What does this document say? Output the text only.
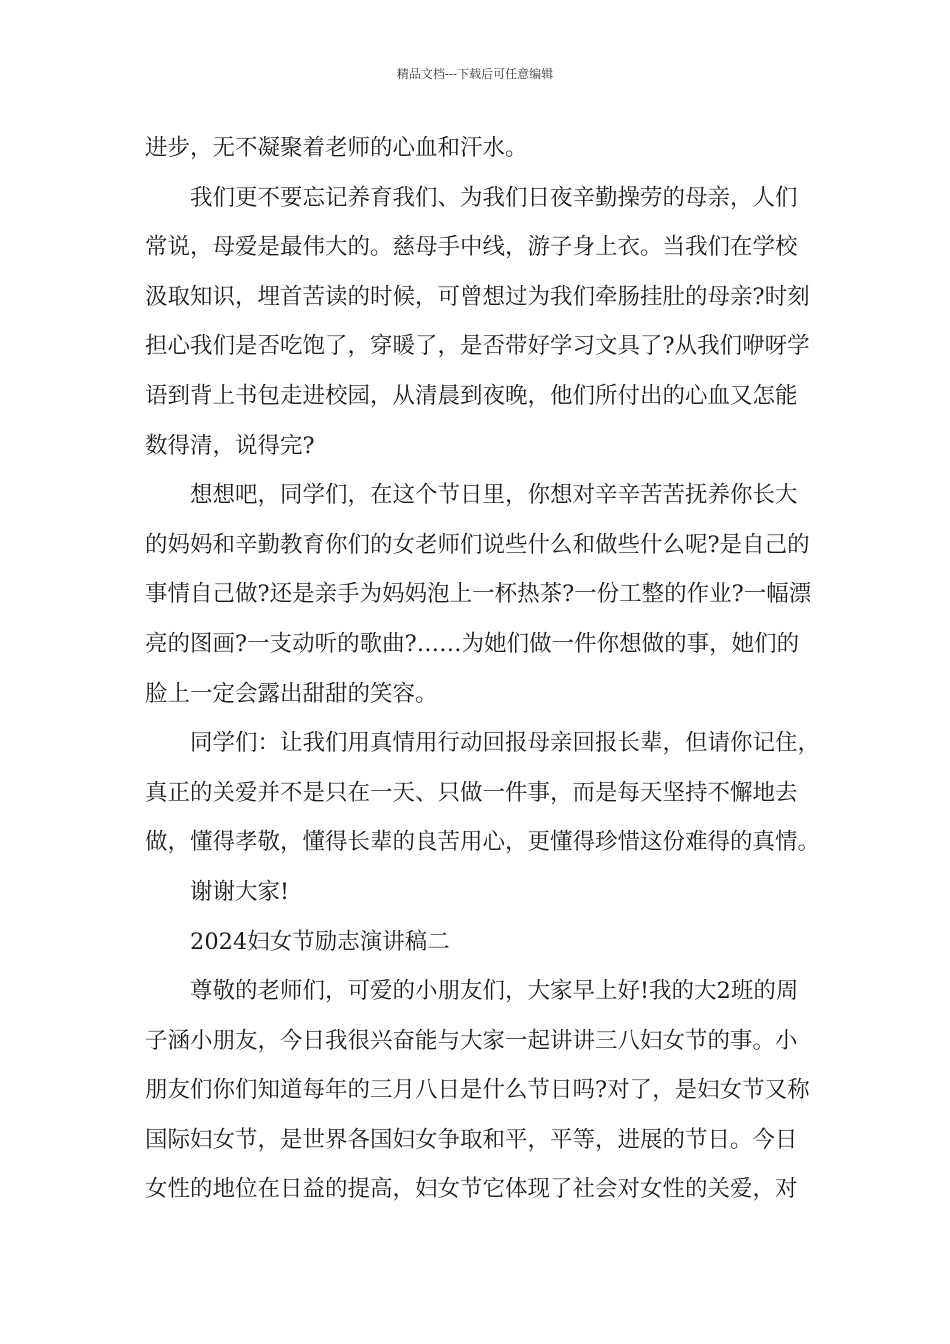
精品文档---下载后可任意编辑
进步，无不凝聚着老师的心血和汗水。
我们更不要忘记养育我们、为我们日夜辛勤操劳的母亲，人们
常说，母爱是最伟大的。慈母手中线，游子身上衣。当我们在学校
汲取知识，埋首苦读的时候，可曾想过为我们牵肠挂肚的母亲?时刻
担心我们是否吃饱了，穿暖了，是否带好学习文具了?从我们咿呀学
语到背上书包走进校园，从清晨到夜晚，他们所付出的心血又怎能
数得清，说得完?
想想吧，同学们，在这个节日里，你想对辛辛苦苦抚养你长大
的妈妈和辛勤教育你们的女老师们说些什么和做些什么呢?是自己的
事情自己做?还是亲手为妈妈泡上一杯热茶?一份工整的作业?一幅漂
亮的图画?一支动听的歌曲?……为她们做一件你想做的事，她们的
脸上一定会露出甜甜的笑容。
同学们：让我们用真情用行动回报母亲回报长辈，但请你记住，
真正的关爱并不是只在一天、只做一件事，而是每天坚持不懈地去
做，懂得孝敬，懂得长辈的良苦用心，更懂得珍惜这份难得的真情。
谢谢大家!
2024妇女节励志演讲稿二
尊敬的老师们，可爱的小朋友们，大家早上好!我的大2班的周
子涵小朋友，今日我很兴奋能与大家一起讲讲三八妇女节的事。小
朋友们你们知道每年的三月八日是什么节日吗?对了，是妇女节又称
国际妇女节，是世界各国妇女争取和平，平等，进展的节日。今日
女性的地位在日益的提高，妇女节它体现了社会对女性的关爱，对
